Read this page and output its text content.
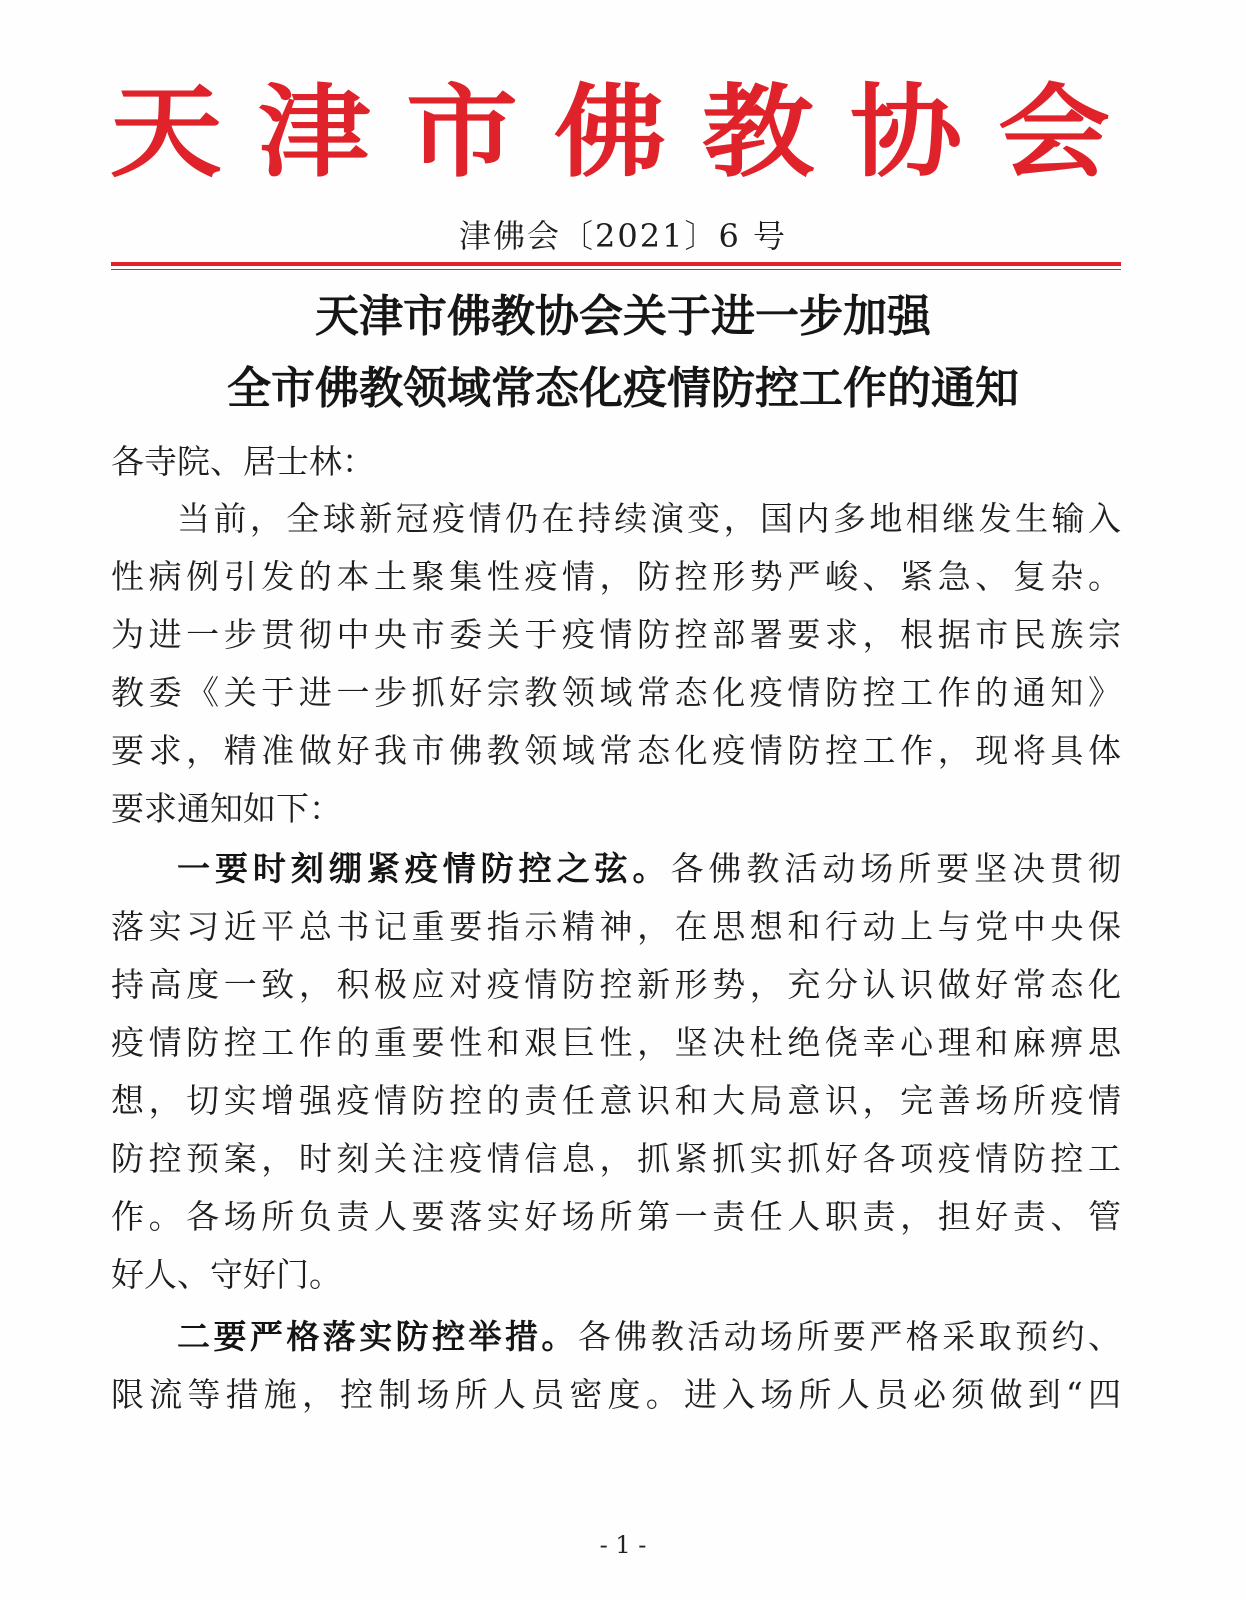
天 津 市 佛 教 协 会
津佛会〔2021〕6 号
天津市佛教协会关于进一步加强
全市佛教领域常态化疫情防控工作的通知
各寺院、居士林：
当前，全球新冠疫情仍在持续演变，国内多地相继发生输入
性病例引发的本土聚集性疫情，防控形势严峻、紧急、复杂。
为进一步贯彻中央市委关于疫情防控部署要求，根据市民族宗
教委《关于进一步抓好宗教领域常态化疫情防控工作的通知》
要求，精准做好我市佛教领域常态化疫情防控工作，现将具体
要求通知如下：
一要时刻绷紧疫情防控之弦。各佛教活动场所要坚决贯彻
落实习近平总书记重要指示精神，在思想和行动上与党中央保
持高度一致，积极应对疫情防控新形势，充分认识做好常态化
疫情防控工作的重要性和艰巨性，坚决杜绝侥幸心理和麻痹思
想，切实增强疫情防控的责任意识和大局意识，完善场所疫情
防控预案，时刻关注疫情信息，抓紧抓实抓好各项疫情防控工
作。各场所负责人要落实好场所第一责任人职责，担好责、管
好人、守好门。
二要严格落实防控举措。各佛教活动场所要严格采取预约、
限流等措施，控制场所人员密度。进入场所人员必须做到“四
- 1 -
